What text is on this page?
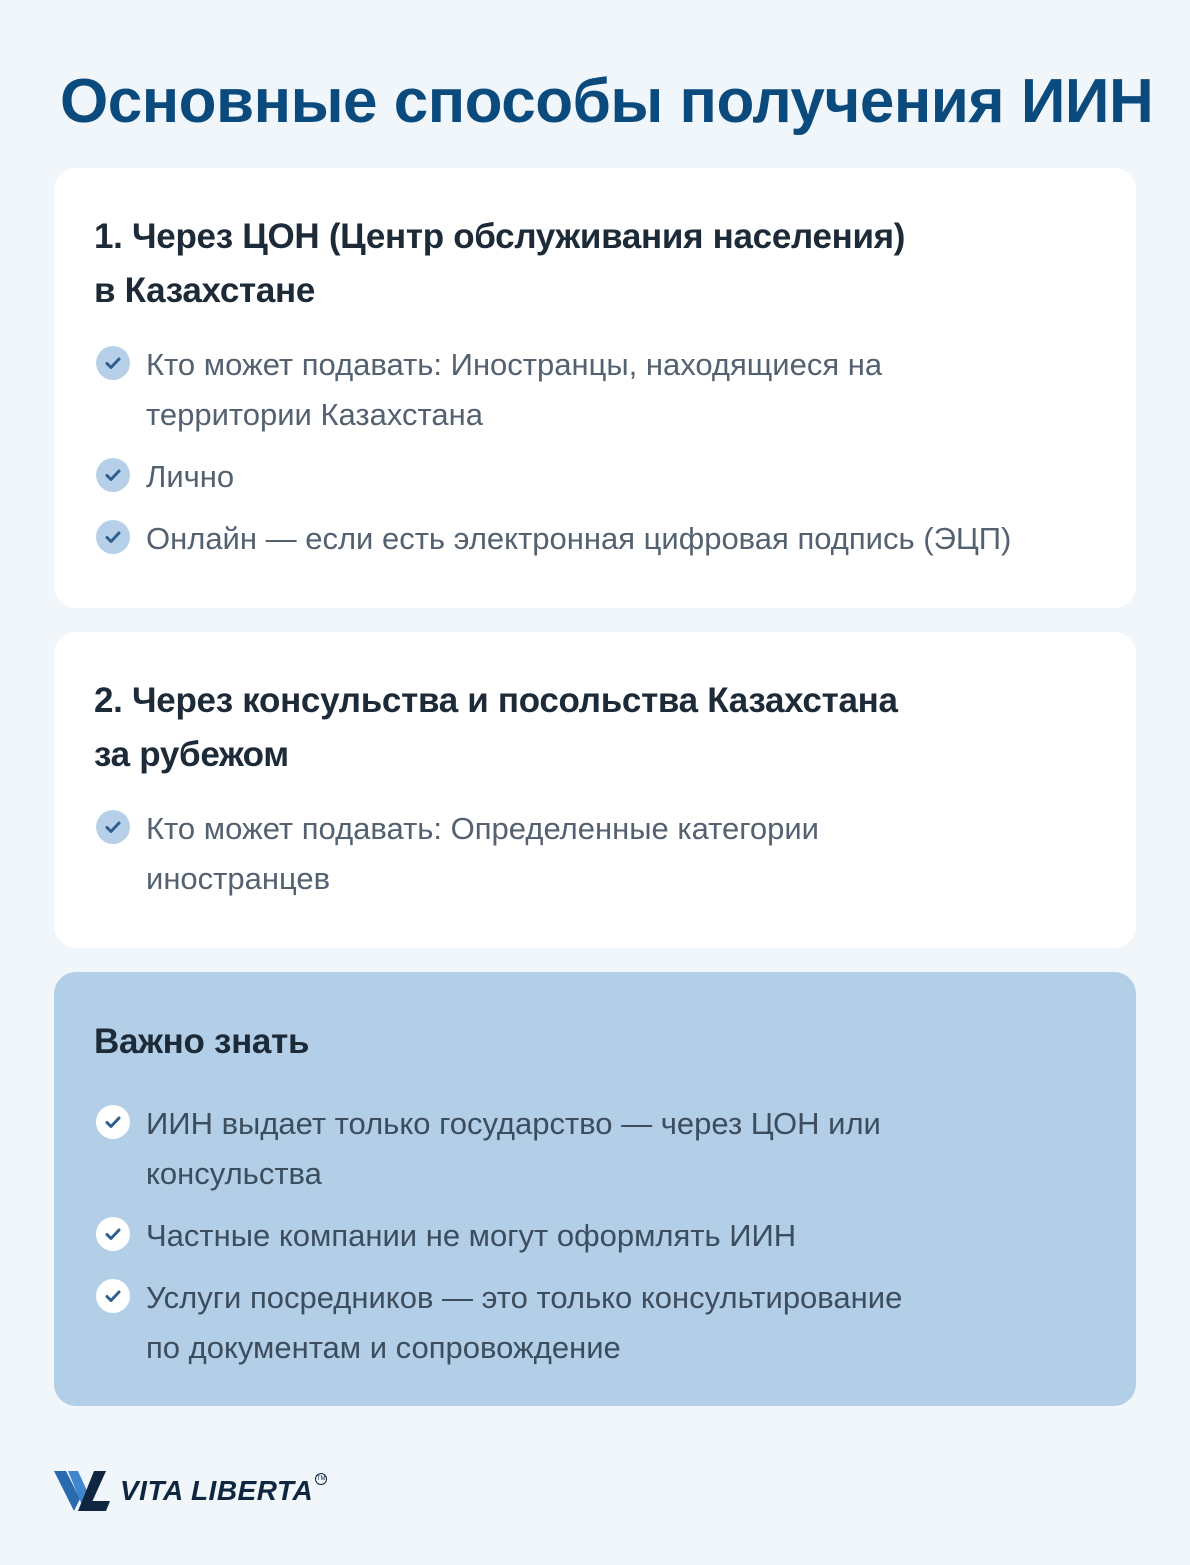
Основные способы получения ИИН
1. Через ЦОН (Центр обслуживания населения)
в Казахстане
Кто может подавать: Иностранцы, находящиеся на
территории Казахстана
Лично
Онлайн — если есть электронная цифровая подпись (ЭЦП)
2. Через консульства и посольства Казахстана
за рубежом
Кто может подавать: Определенные категории
иностранцев
Важно знать
ИИН выдает только государство — через ЦОН или
консульства
Частные компании не могут оформлять ИИН
Услуги посредников — это только консультирование
по документам и сопровождение
VITA LIBERTA TM
